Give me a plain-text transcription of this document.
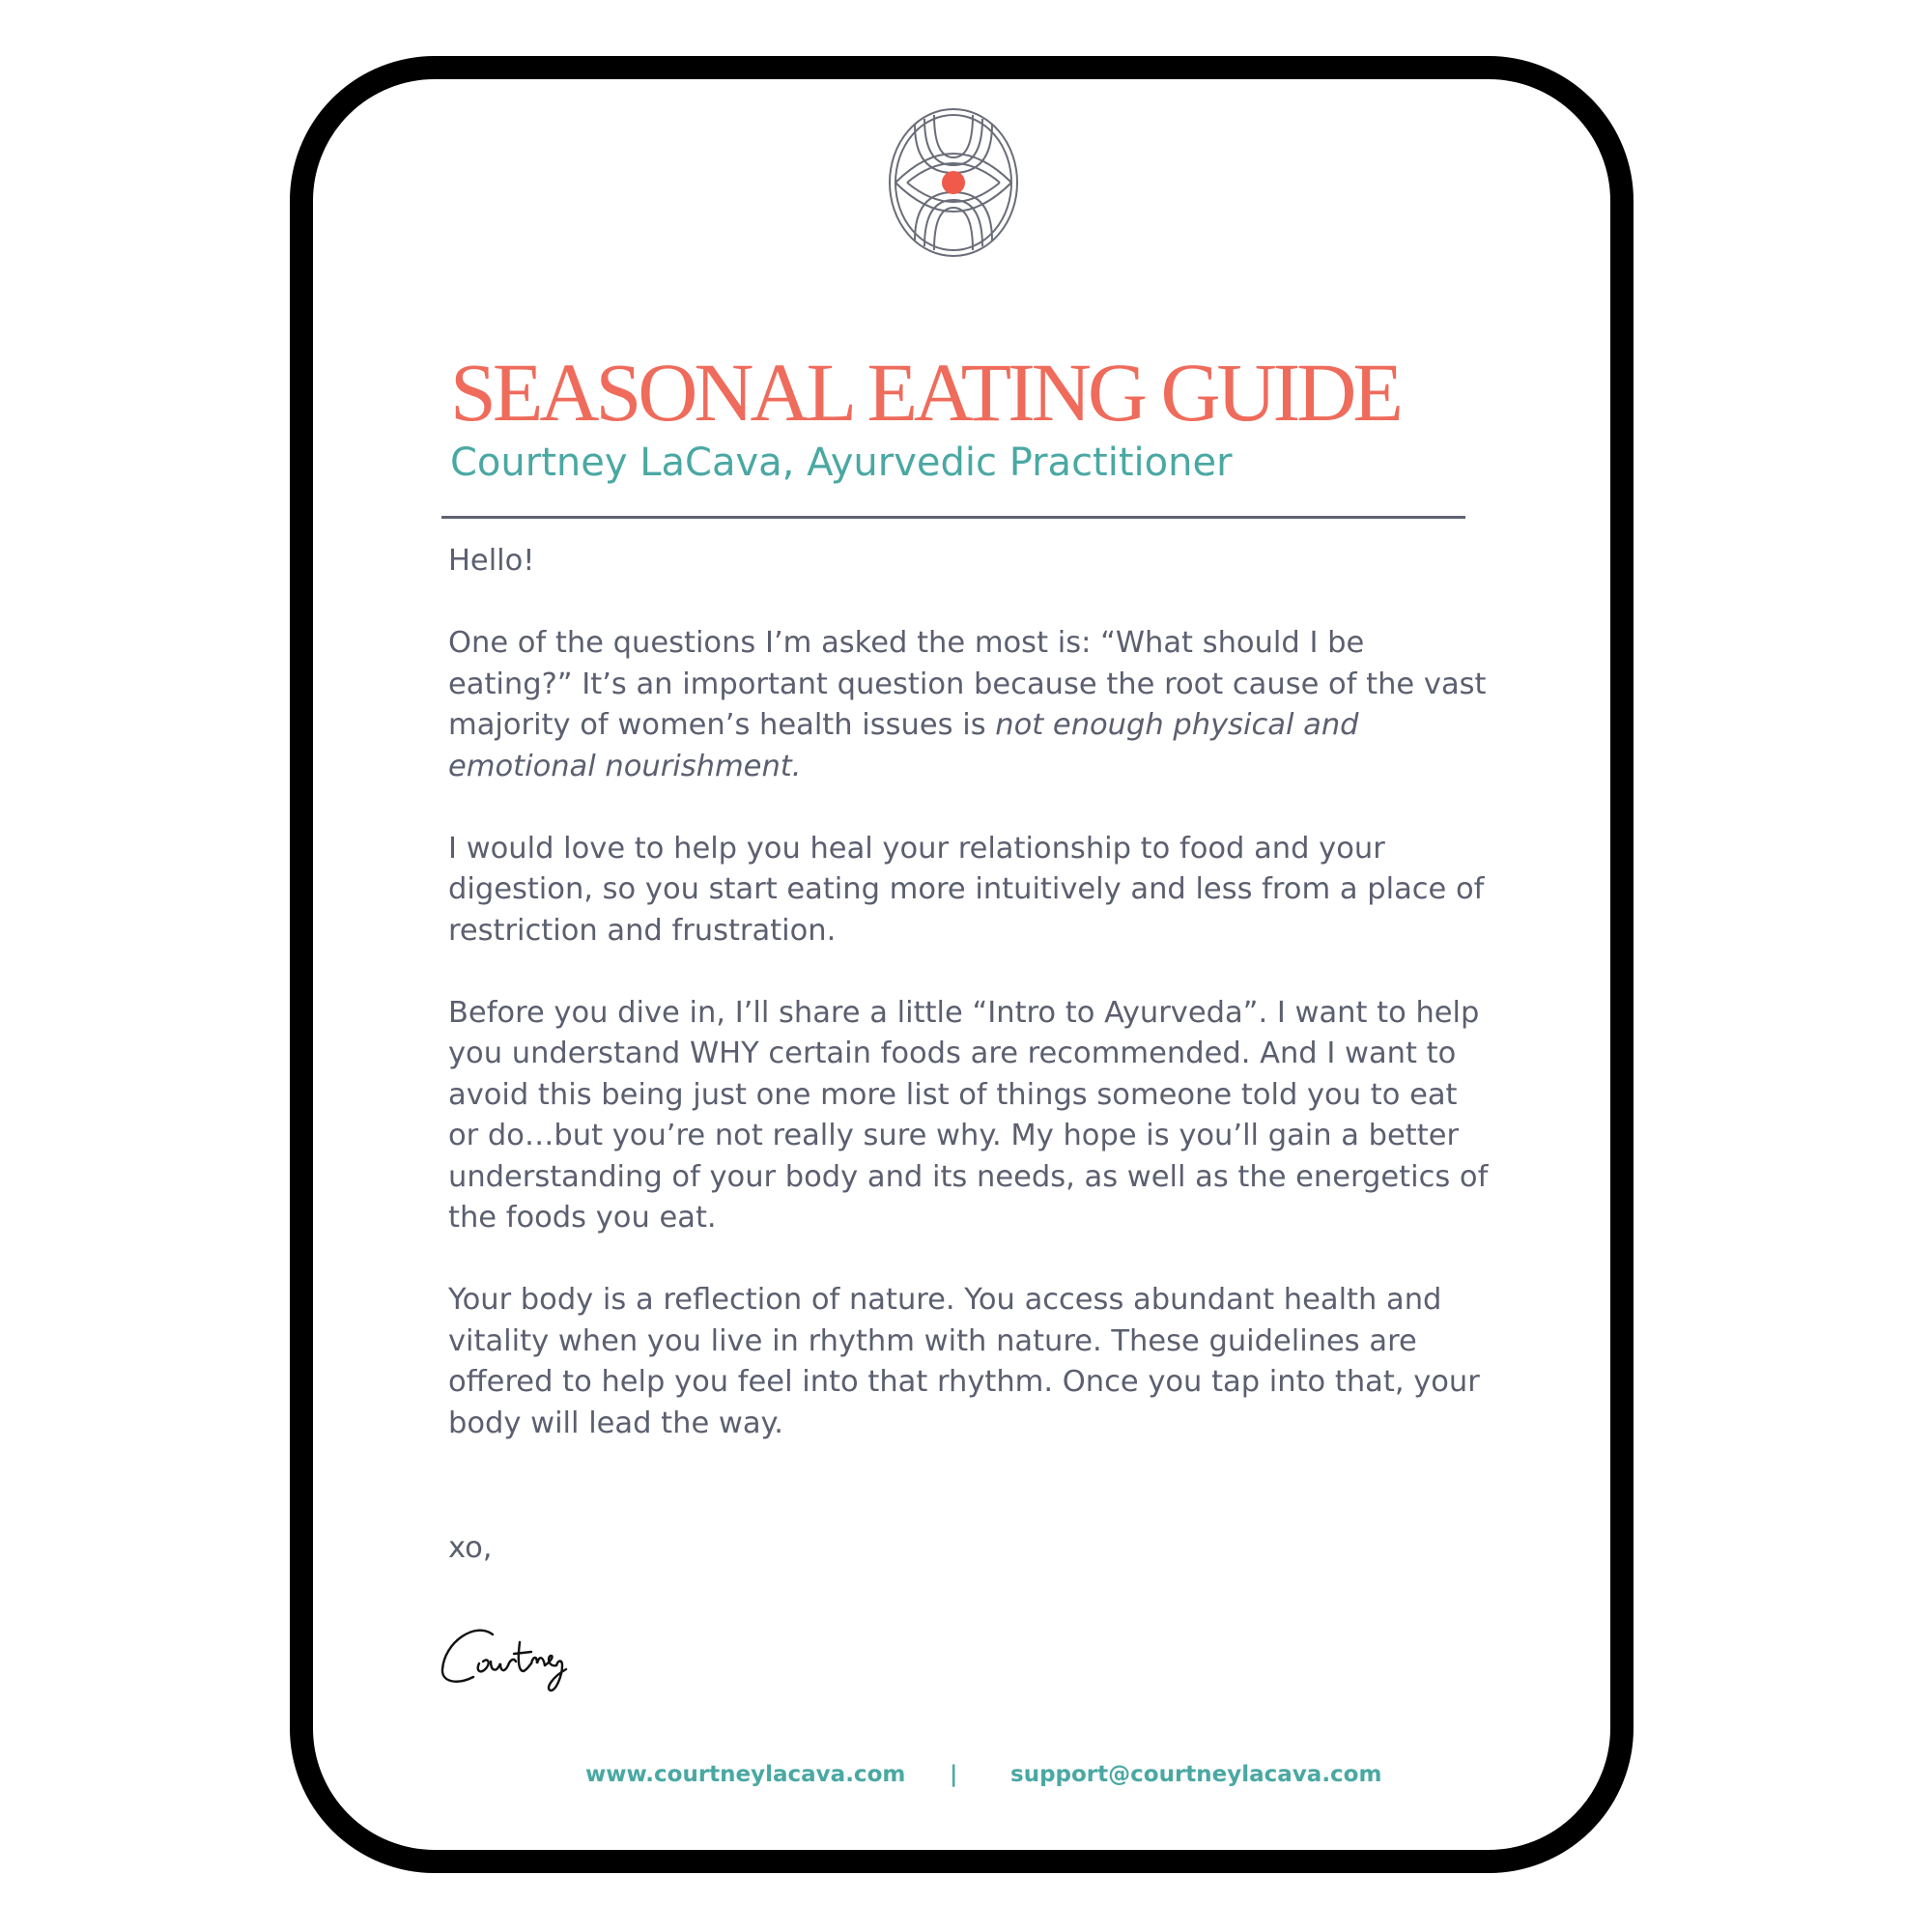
SEASONAL EATING GUIDE
Courtney LaCava, Ayurvedic Practitioner

Hello!

One of the questions I’m asked the most is: “What should I be eating?” It’s an important question because the root cause of the vast majority of women’s health issues is not enough physical and emotional nourishment.

I would love to help you heal your relationship to food and your digestion, so you start eating more intuitively and less from a place of restriction and frustration.

Before you dive in, I’ll share a little “Intro to Ayurveda”. I want to help you understand WHY certain foods are recommended. And I want to avoid this being just one more list of things someone told you to eat or do…but you’re not really sure why. My hope is you’ll gain a better understanding of your body and its needs, as well as the energetics of the foods you eat.

Your body is a reflection of nature. You access abundant health and vitality when you live in rhythm with nature. These guidelines are offered to help you feel into that rhythm. Once you tap into that, your body will lead the way.

xo,
www.courtneylacava.com | support@courtneylacava.com
